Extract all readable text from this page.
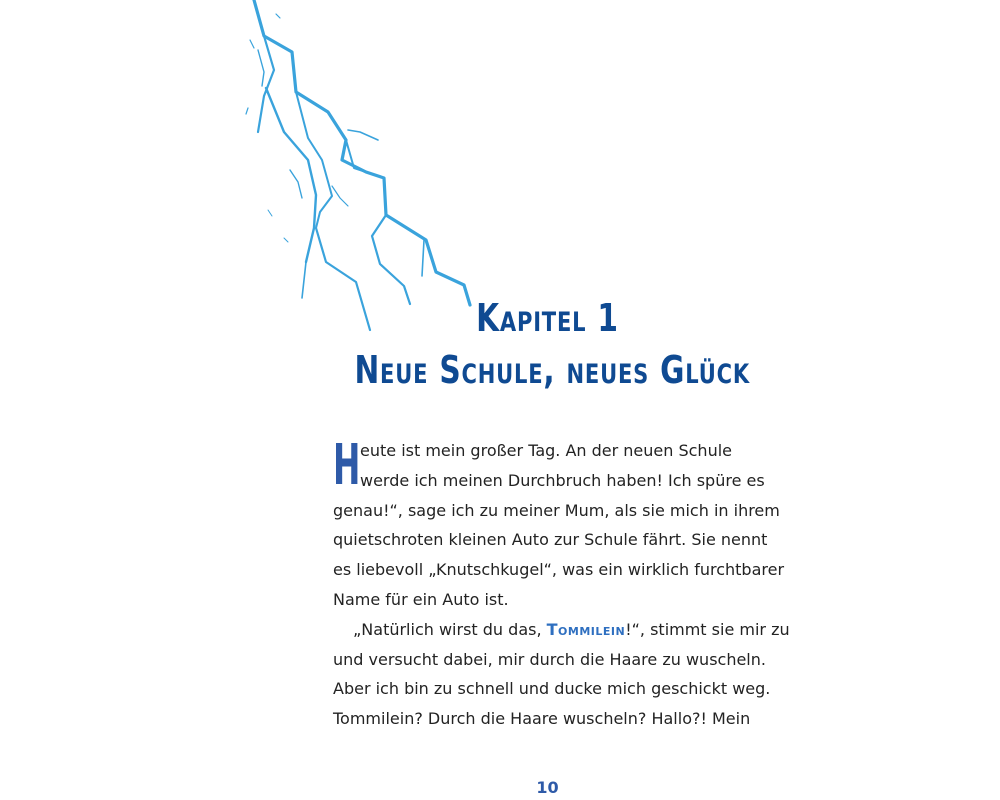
Kapitel 1
Neue Schule, neues Glück

H eute ist mein großer Tag. An der neuen Schule
werde ich meinen Durchbruch haben! Ich spüre es
genau!“, sage ich zu meiner Mum, als sie mich in ihrem
quietschroten kleinen Auto zur Schule fährt. Sie nennt
es liebevoll „Knutschkugel“, was ein wirklich furchtbarer
Name für ein Auto ist.

„Natürlich wirst du das, Tommilein!“, stimmt sie mir zu
und versucht dabei, mir durch die Haare zu wuscheln.
Aber ich bin zu schnell und ducke mich geschickt weg.
Tommilein? Durch die Haare wuscheln? Hallo?! Mein

10
